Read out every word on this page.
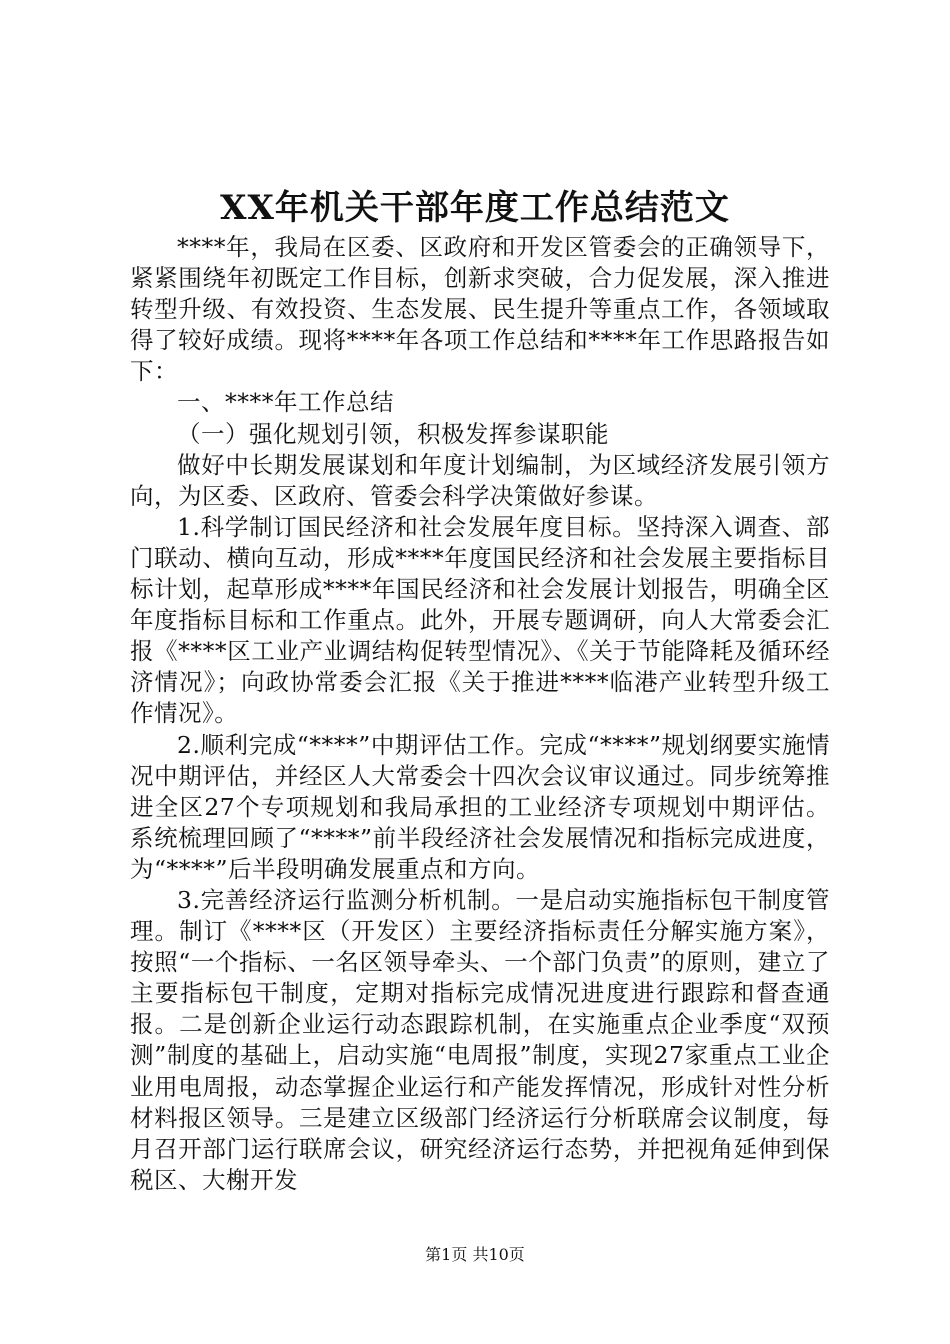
XX年机关干部年度工作总结范文

****年，我局在区委、区政府和开发区管委会的正确领导下，紧紧围绕年初既定工作目标，创新求突破，合力促发展，深入推进转型升级、有效投资、生态发展、民生提升等重点工作，各领域取得了较好成绩。现将****年各项工作总结和****年工作思路报告如下：

一、****年工作总结

（一）强化规划引领，积极发挥参谋职能

做好中长期发展谋划和年度计划编制，为区域经济发展引领方向，为区委、区政府、管委会科学决策做好参谋。

1.科学制订国民经济和社会发展年度目标。坚持深入调查、部门联动、横向互动，形成****年度国民经济和社会发展主要指标目标计划，起草形成****年国民经济和社会发展计划报告，明确全区年度指标目标和工作重点。此外，开展专题调研，向人大常委会汇报《****区工业产业调结构促转型情况》、《关于节能降耗及循环经济情况》；向政协常委会汇报《关于推进****临港产业转型升级工作情况》。

2.顺利完成“****”中期评估工作。完成“****”规划纲要实施情况中期评估，并经区人大常委会十四次会议审议通过。同步统筹推进全区27个专项规划和我局承担的工业经济专项规划中期评估。系统梳理回顾了“****”前半段经济社会发展情况和指标完成进度，为“****”后半段明确发展重点和方向。

3.完善经济运行监测分析机制。一是启动实施指标包干制度管理。制订《****区（开发区）主要经济指标责任分解实施方案》，按照“一个指标、一名区领导牵头、一个部门负责”的原则，建立了主要指标包干制度，定期对指标完成情况进度进行跟踪和督查通报。二是创新企业运行动态跟踪机制，在实施重点企业季度“双预测”制度的基础上，启动实施“电周报”制度，实现27家重点工业企业用电周报，动态掌握企业运行和产能发挥情况，形成针对性分析材料报区领导。三是建立区级部门经济运行分析联席会议制度，每月召开部门运行联席会议，研究经济运行态势，并把视角延伸到保税区、大榭开发

第1页 共10页
